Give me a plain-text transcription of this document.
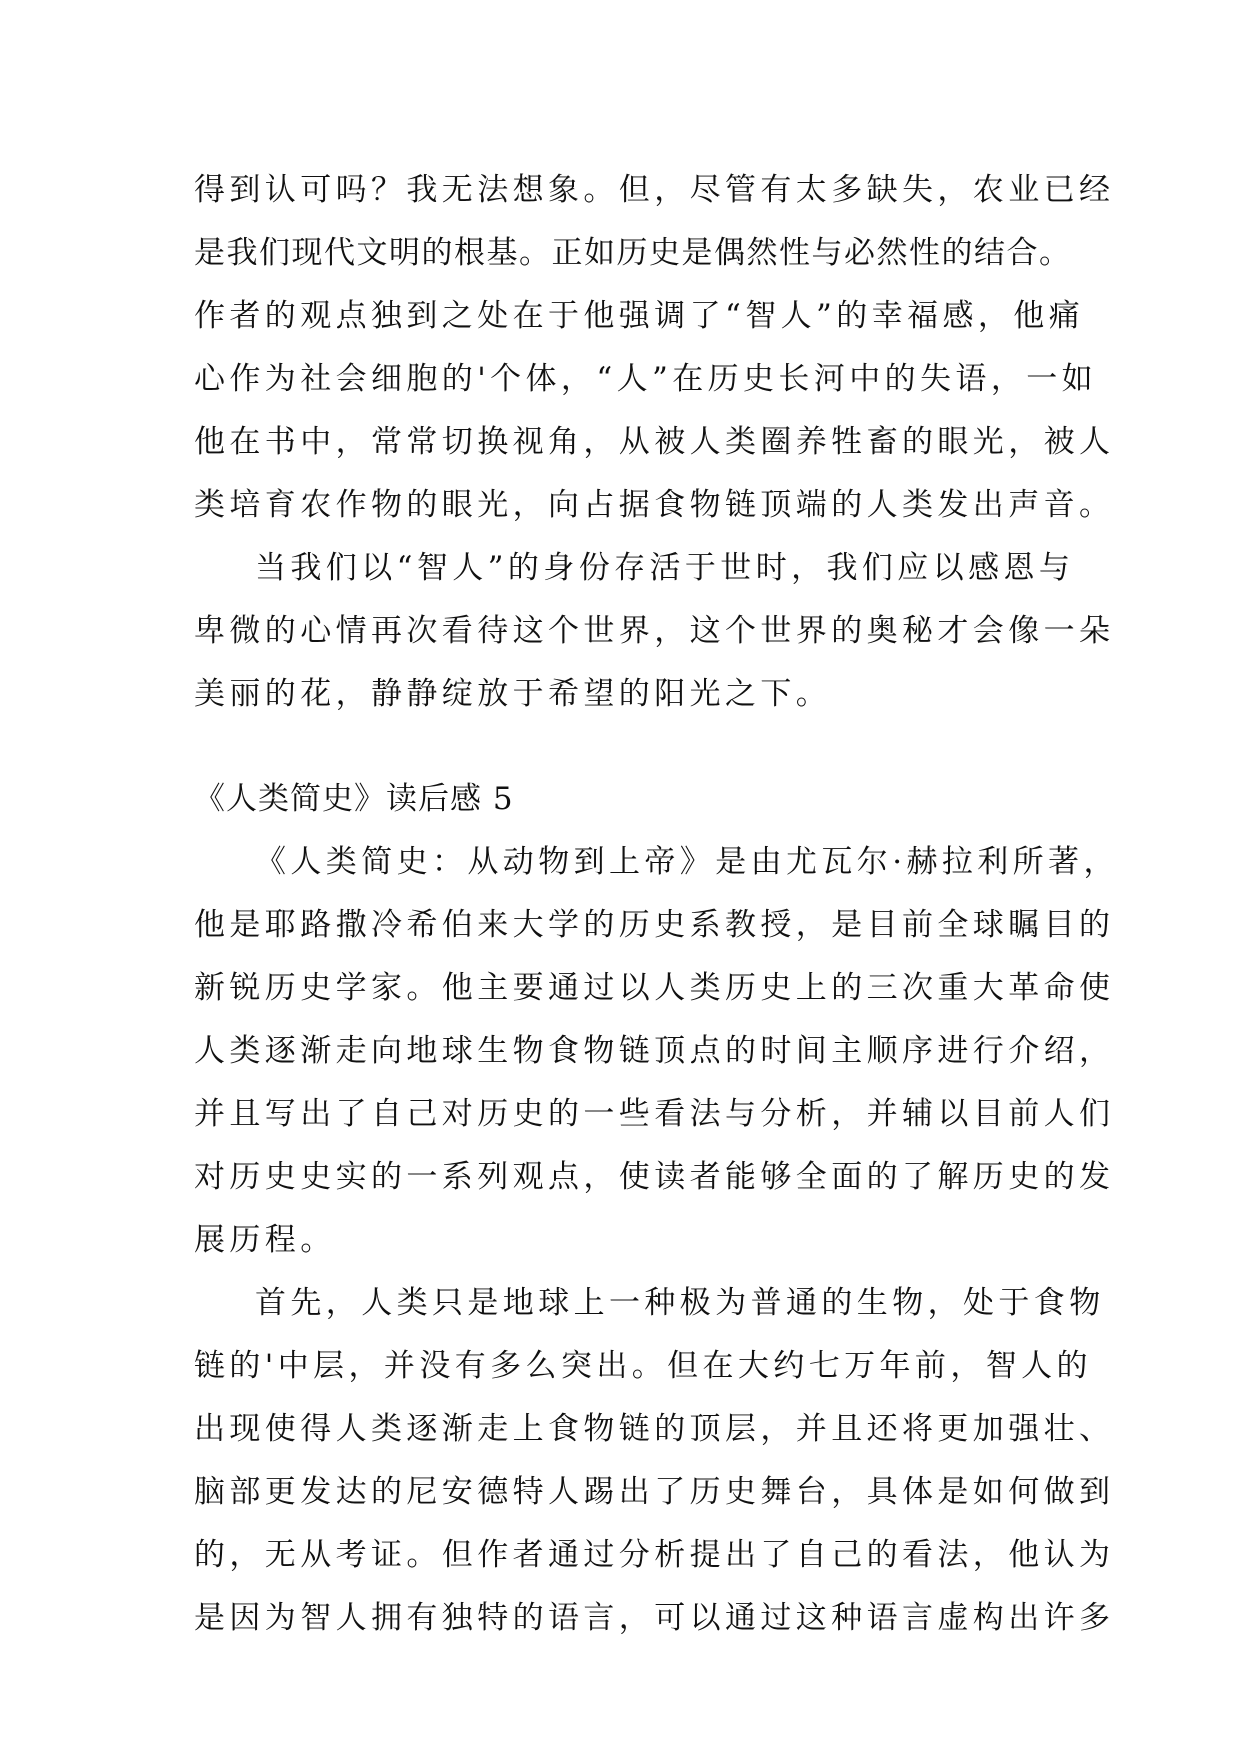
得到认可吗？我无法想象。但，尽管有太多缺失，农业已经
是我们现代文明的根基。正如历史是偶然性与必然性的结合。
作者的观点独到之处在于他强调了“智人”的幸福感，他痛
心作为社会细胞的'个体，“人”在历史长河中的失语，一如
他在书中，常常切换视角，从被人类圈养牲畜的眼光，被人
类培育农作物的眼光，向占据食物链顶端的人类发出声音。
当我们以“智人”的身份存活于世时，我们应以感恩与
卑微的心情再次看待这个世界，这个世界的奥秘才会像一朵
美丽的花，静静绽放于希望的阳光之下。
《人类简史》读后感 5
《人类简史：从动物到上帝》是由尤瓦尔·赫拉利所著，
他是耶路撒冷希伯来大学的历史系教授，是目前全球瞩目的
新锐历史学家。他主要通过以人类历史上的三次重大革命使
人类逐渐走向地球生物食物链顶点的时间主顺序进行介绍，
并且写出了自己对历史的一些看法与分析，并辅以目前人们
对历史史实的一系列观点，使读者能够全面的了解历史的发
展历程。
首先，人类只是地球上一种极为普通的生物，处于食物
链的'中层，并没有多么突出。但在大约七万年前，智人的
出现使得人类逐渐走上食物链的顶层，并且还将更加强壮、
脑部更发达的尼安德特人踢出了历史舞台，具体是如何做到
的，无从考证。但作者通过分析提出了自己的看法，他认为
是因为智人拥有独特的语言，可以通过这种语言虚构出许多
